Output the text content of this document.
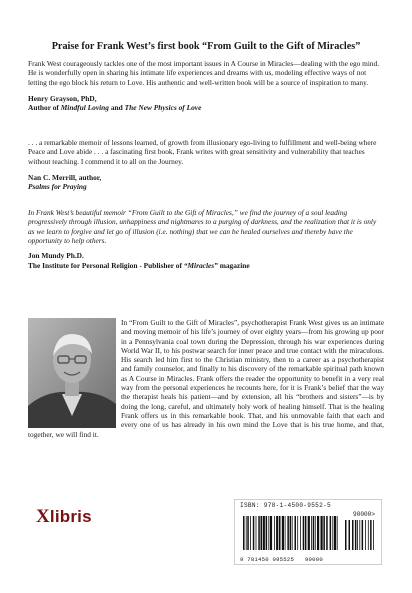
Praise for Frank West’s first book “From Guilt to the Gift of Miracles”

Frank West courageously tackles one of the most important issues in A Course in Miracles—dealing with the ego mind. He is wonderfully open in sharing his intimate life experiences and dreams with us, modeling effective ways of not letting the ego block his return to Love. His authentic and well-written book will be a source of inspiration to many.

Henry Grayson, PhD,
Author of Mindful Loving and The New Physics of Love

. . . a remarkable memoir of lessons learned, of growth from illusionary ego-living to fulfillment and well-being where Peace and Love abide . . . a fascinating first book, Frank writes with great sensitivity and vulnerability that teaches without teaching. I commend it to all on the Journey.

Nan C. Merrill, author,
Psalms for Praying

In Frank West’s beautiful memoir “From Guilt to the Gift of Miracles,” we find the journey of a soul leading progressively through illusion, unhappiness and nightmares to a purging of darkness, and the realization that it is only as we learn to forgive and let go of illusion (i.e. nothing) that we can be healed ourselves and thereby have the opportunity to help others.

Jon Mundy Ph.D.
The Institute for Personal Religion - Publisher of “Miracles” magazine
In “From Guilt to the Gift of Miracles”, psychotherapist Frank West gives us an intimate and moving memoir of his life’s journey of over eighty years—from his growing up poor in a Pennsylvania coal town during the Depression, through his war experiences during World War II, to his postwar search for inner peace and true contact with the miraculous. His search led him first to the Christian ministry, then to a career as a psychotherapist and family counselor, and finally to his discovery of the remarkable spiritual path known as A Course in Miracles. Frank offers the reader the opportunity to benefit in a very real way from the personal experiences he recounts here, for it is Frank’s belief that the way the therapist heals his patient—and by extension, all his “brothers and sisters”—is by doing the long, careful, and ultimately holy work of healing himself. That is the healing Frank offers us in this remarkable book. That, and his unmovable faith that each and every one of us has already in his own mind the Love that is his true home, and that, together, we will find it.
Xlibris
ISBN: 978-1-4500-9552-5
90000>
9 781450 095525 90000
